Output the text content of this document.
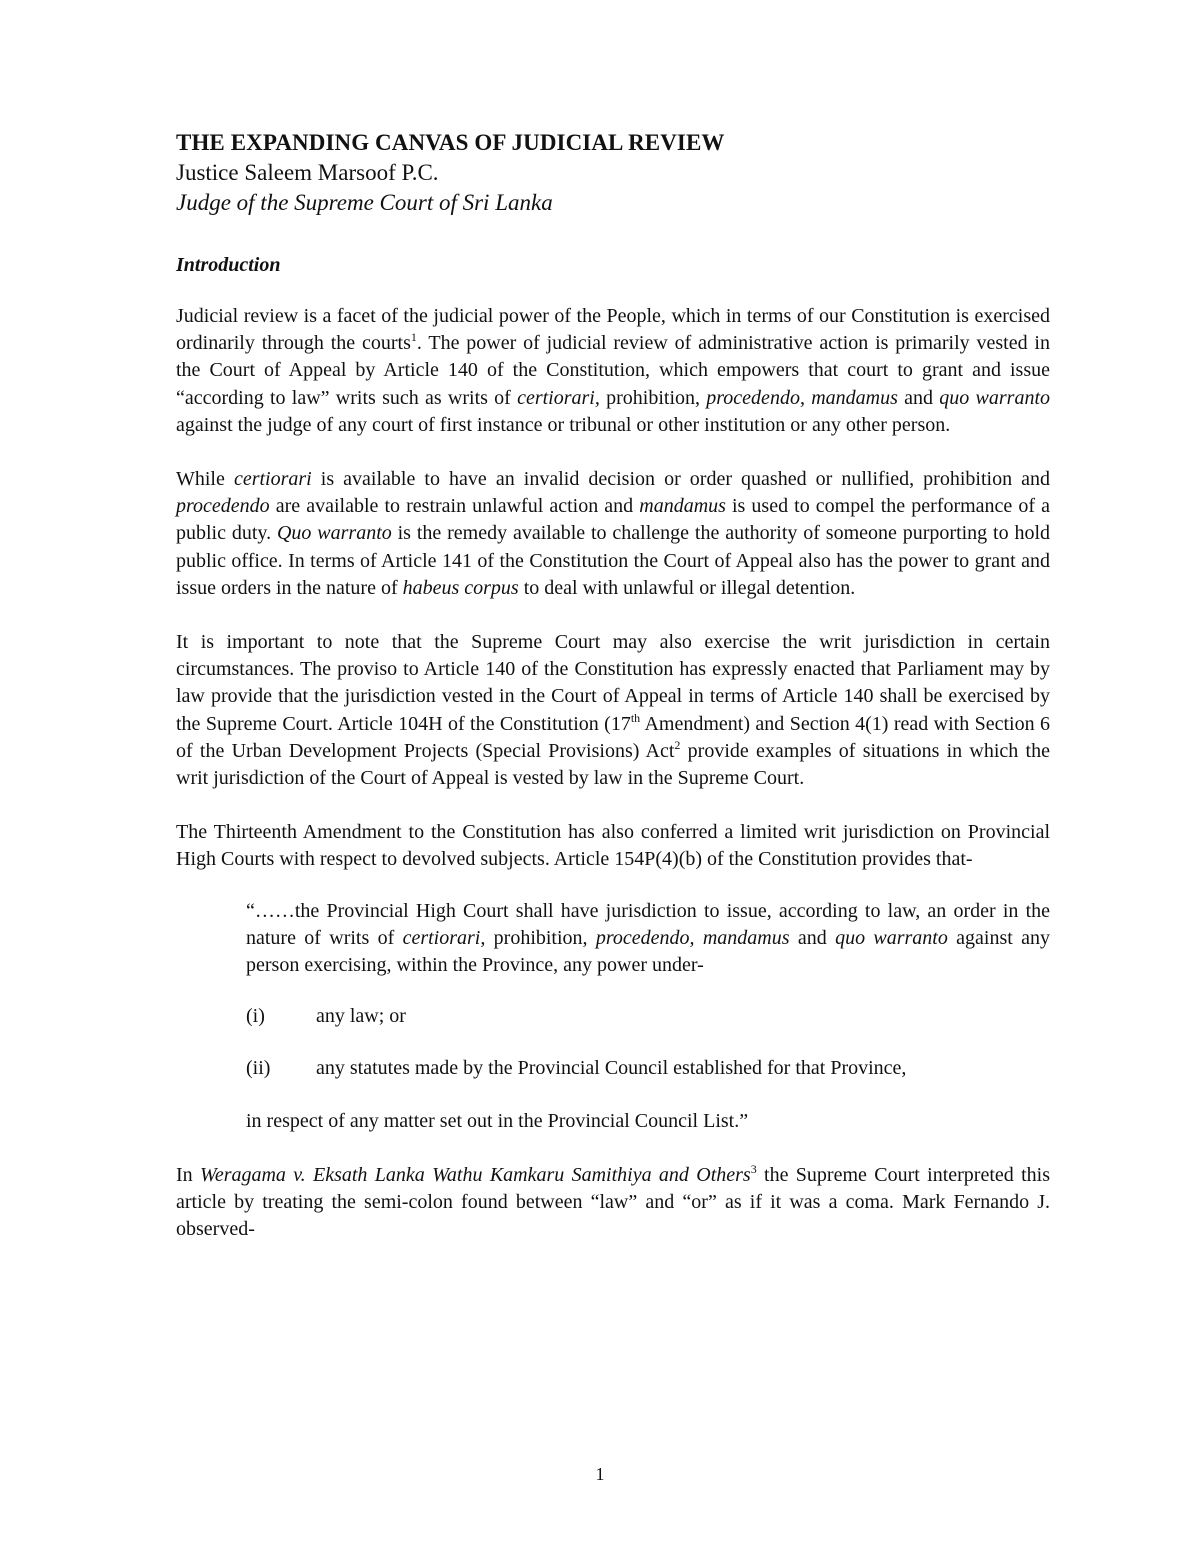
THE EXPANDING CANVAS OF JUDICIAL REVIEW
Justice Saleem Marsoof P.C.
Judge of the Supreme Court of Sri Lanka
Introduction

Judicial review is a facet of the judicial power of the People, which in terms of our Constitution is exercised ordinarily through the courts$^1$. The power of judicial review of administrative action is primarily vested in the Court of Appeal by Article 140 of the Constitution, which empowers that court to grant and issue “according to law” writs such as writs of certiorari, prohibition, procedendo, mandamus and quo warranto against the judge of any court of first instance or tribunal or other institution or any other person.

While certiorari is available to have an invalid decision or order quashed or nullified, prohibition and procedendo are available to restrain unlawful action and mandamus is used to compel the performance of a public duty. Quo warranto is the remedy available to challenge the authority of someone purporting to hold public office. In terms of Article 141 of the Constitution the Court of Appeal also has the power to grant and issue orders in the nature of habeus corpus to deal with unlawful or illegal detention.

It is important to note that the Supreme Court may also exercise the writ jurisdiction in certain circumstances. The proviso to Article 140 of the Constitution has expressly enacted that Parliament may by law provide that the jurisdiction vested in the Court of Appeal in terms of Article 140 shall be exercised by the Supreme Court. Article 104H of the Constitution (17th Amendment) and Section 4(1) read with Section 6 of the Urban Development Projects (Special Provisions) Act$^2$ provide examples of situations in which the writ jurisdiction of the Court of Appeal is vested by law in the Supreme Court.

The Thirteenth Amendment to the Constitution has also conferred a limited writ jurisdiction on Provincial High Courts with respect to devolved subjects. Article 154P(4)(b) of the Constitution provides that-

“……the Provincial High Court shall have jurisdiction to issue, according to law, an order in the nature of writs of certiorari, prohibition, procedendo, mandamus and quo warranto against any person exercising, within the Province, any power under-

(i)	any law; or
(ii)	any statutes made by the Provincial Council established for that Province,

in respect of any matter set out in the Provincial Council List.”

In Weragama v. Eksath Lanka Wathu Kamkaru Samithiya and Others$^3$ the Supreme Court interpreted this article by treating the semi-colon found between “law” and “or” as if it was a coma. Mark Fernando J. observed-

1
